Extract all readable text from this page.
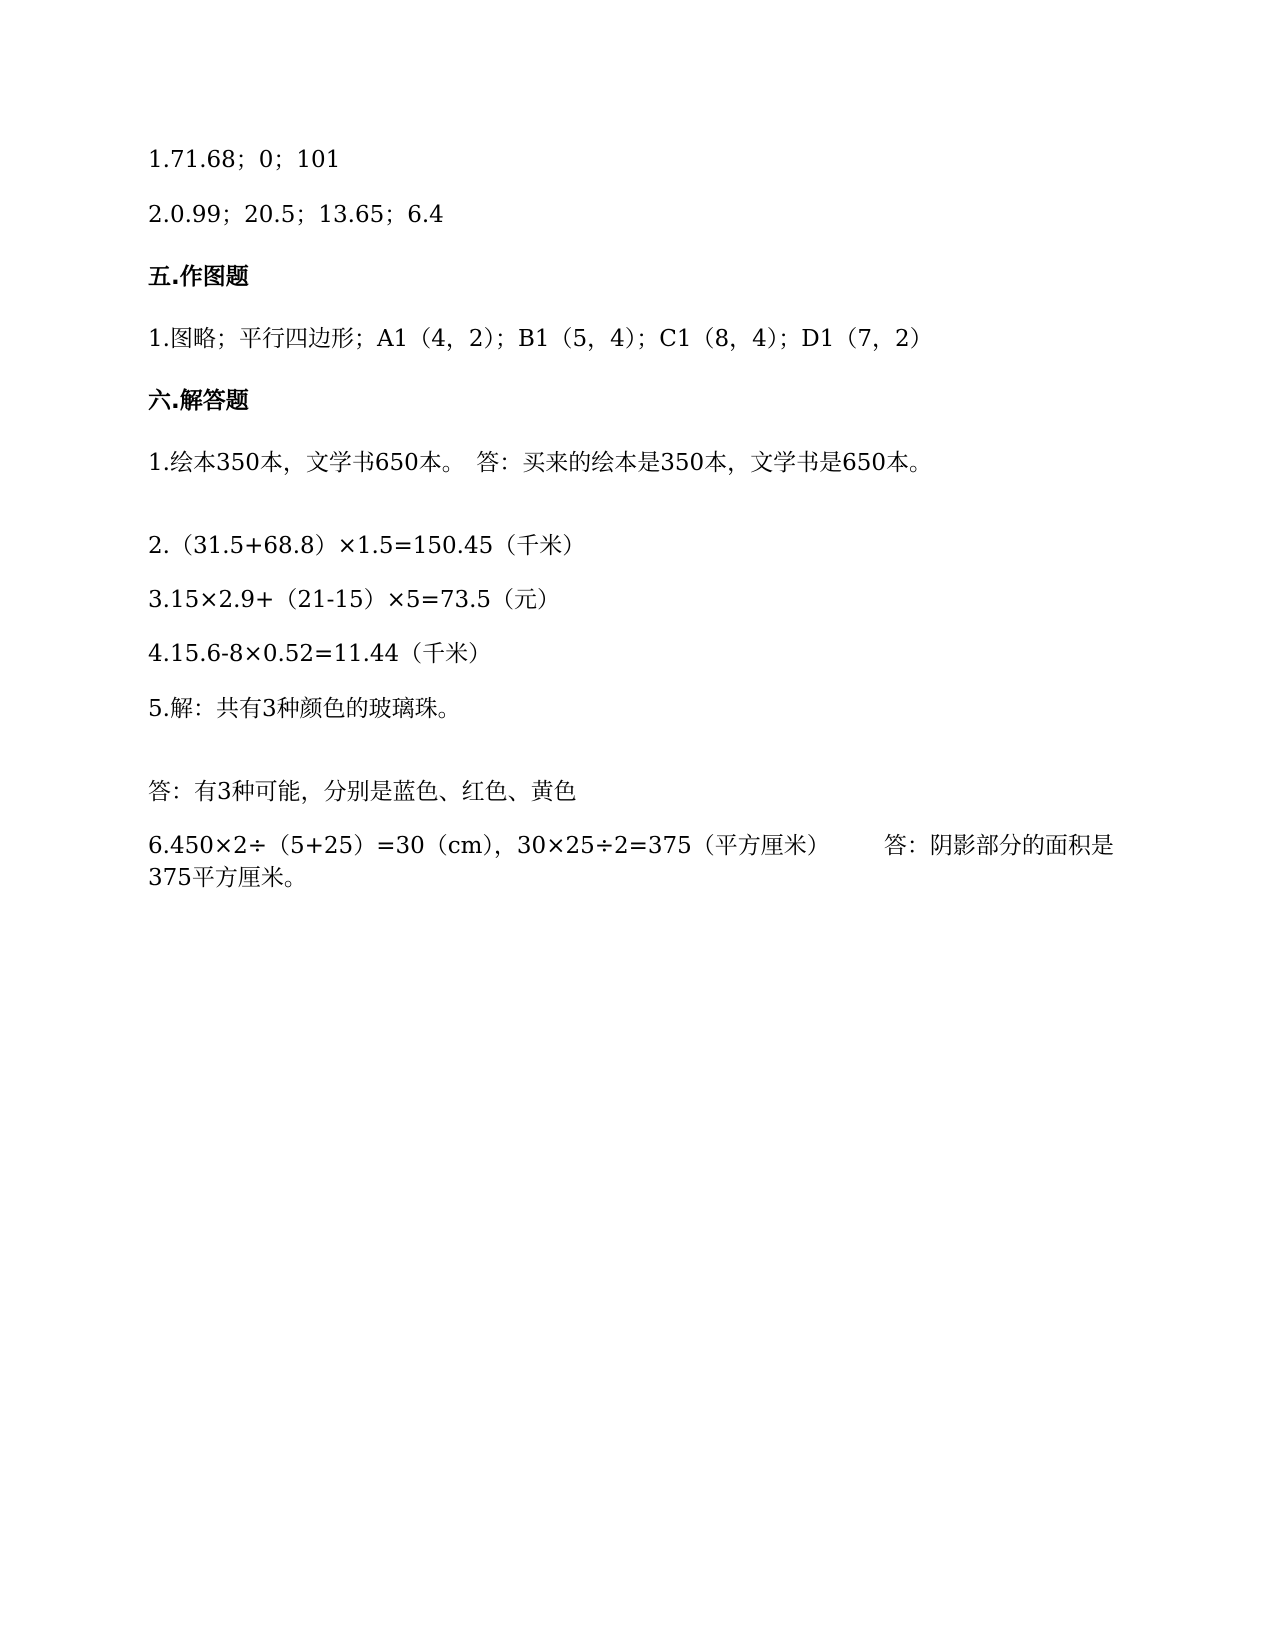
1.71.68；0；101
2.0.99；20.5；13.65；6.4
五.作图题
1.图略；平行四边形；A1（4，2）；B1（5，4）；C1（8，4）；D1（7，2）
六.解答题
1.绘本350本，文学书650本。　答：买来的绘本是350本，文学书是650本。
2.（31.5+68.8）×1.5=150.45（千米）
3.15×2.9+（21-15）×5=73.5（元）
4.15.6-8×0.52=11.44（千米）
5.解：共有3种颜色的玻璃珠。
答：有3种可能，分别是蓝色、红色、黄色
6.450×2÷（5+25）=30（cm），30×25÷2=375（平方厘米） 答：阴影部分的面积是375平方厘米。
